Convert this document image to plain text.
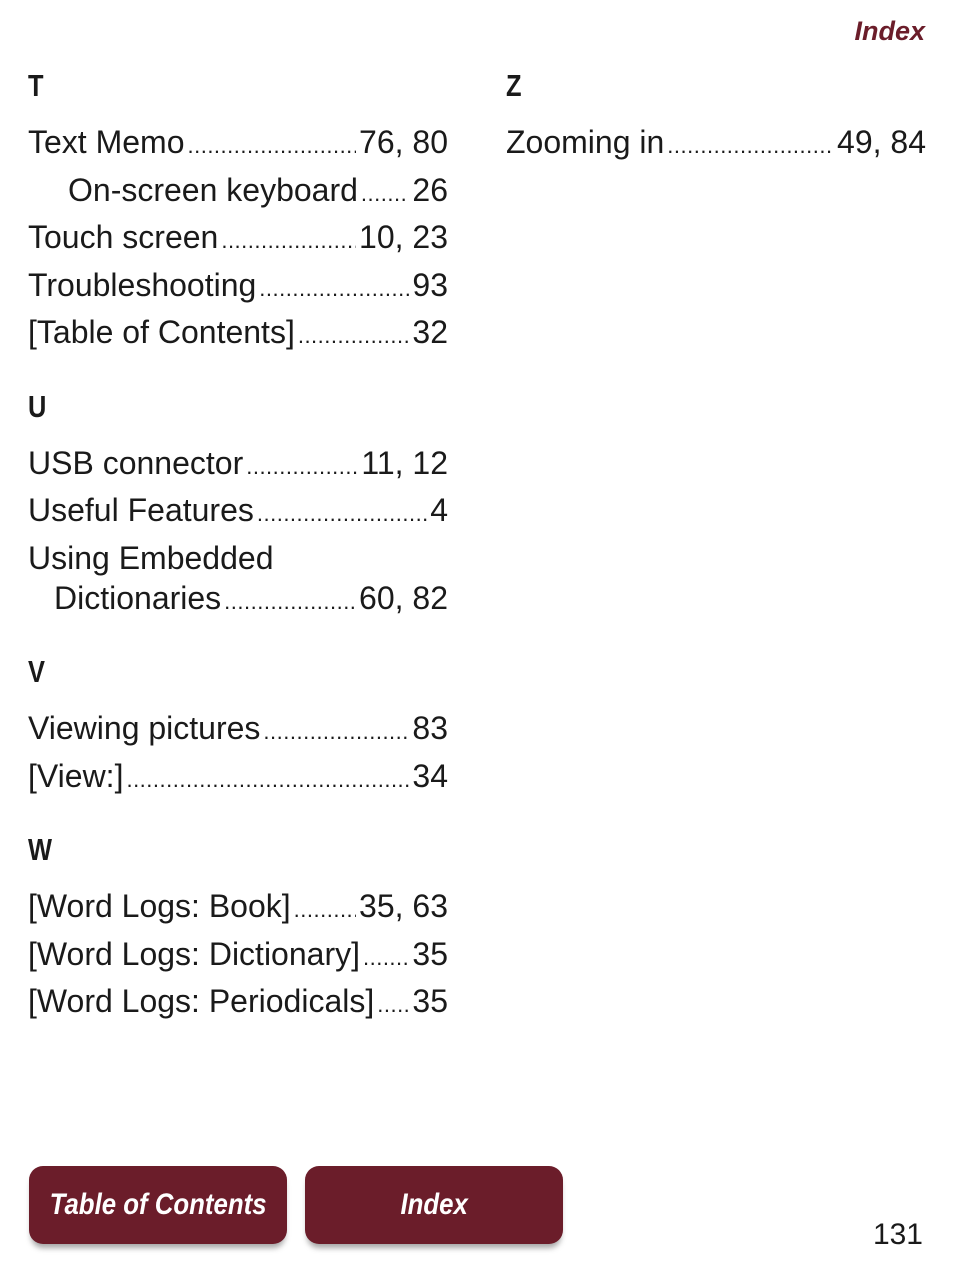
Index
T
Text Memo .....	76, 80
On-screen keyboard ..... 26
Touch screen .....	10, 23
Troubleshooting .....	93
[Table of Contents] .....	32
U
USB connector .....	11, 12
Useful Features .....	4
Using Embedded
Dictionaries .....	60, 82
V
Viewing pictures .....	83
[View:] .....	34
W
[Word Logs: Book] ..... 35, 63
[Word Logs: Dictionary] ..... 35
[Word Logs: Periodicals] ..... 35
Z
Zooming in .....	49, 84
Table of Contents	Index
131
